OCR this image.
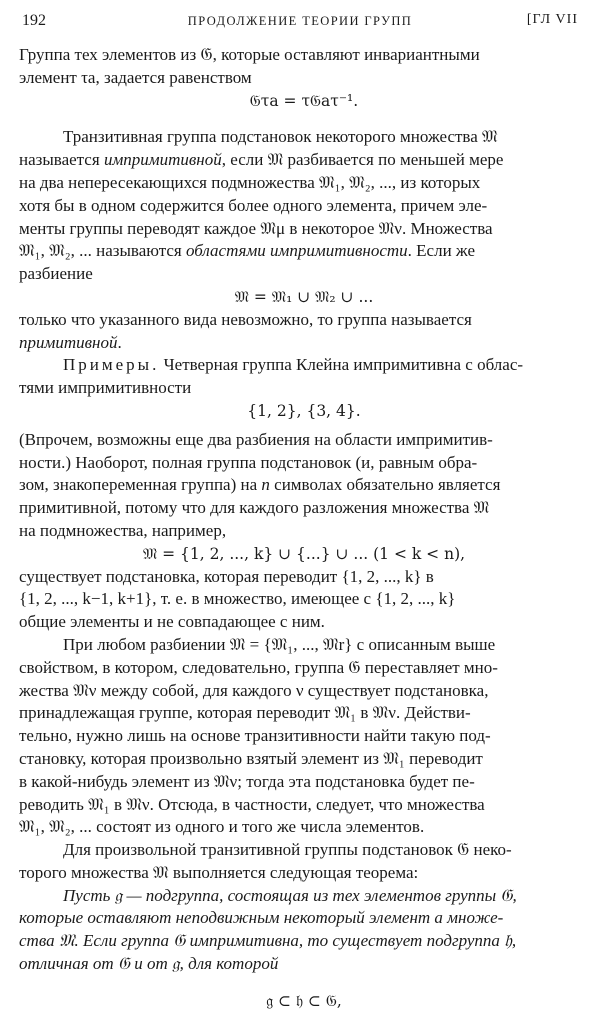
192	ПРОДОЛЖЕНИЕ ТЕОРИИ ГРУПП	[ГЛ VII

Группа тех элементов из 𝔊, которые оставляют инвариантными

элемент τa, задается равенством

𝔊τa = τ𝔊aτ⁻¹.

Транзитивная группа подстановок некоторого множества 𝔐

называется импримитивной, если 𝔐 разбивается по меньшей мере

на два непересекающихся подмножества 𝔐₁, 𝔐₂, ..., из которых

хотя бы в одном содержится более одного элемента, причем эле-

менты группы переводят каждое 𝔐μ в некоторое 𝔐ν. Множества

𝔐₁, 𝔐₂, ... называются областями импримитивности. Если же

разбиение

𝔐 = 𝔐₁ ∪ 𝔐₂ ∪ ...

только что указанного вида невозможно, то группа называется

примитивной.

Примеры. Четверная группа Клейна импримитивна с облас-

тями импримитивности

{1, 2}, {3, 4}.

(Впрочем, возможны еще два разбиения на области импримитив-

ности.) Наоборот, полная группа подстановок (и, равным обра-

зом, знакопеременная группа) на n символах обязательно является

примитивной, потому что для каждого разложения множества 𝔐

на подмножества, например,

𝔐 = {1, 2, ..., k} ∪ {...} ∪ ... (1 < k < n),

существует подстановка, которая переводит {1, 2, ..., k} в

{1, 2, ..., k−1, k+1}, т. е. в множество, имеющее с {1, 2, ..., k}

общие элементы и не совпадающее с ним.

При любом разбиении 𝔐 = {𝔐₁, ..., 𝔐r} с описанным выше

свойством, в котором, следовательно, группа 𝔊 переставляет мно-

жества 𝔐ν между собой, для каждого ν существует подстановка,

принадлежащая группе, которая переводит 𝔐₁ в 𝔐ν. Действи-

тельно, нужно лишь на основе транзитивности найти такую под-

становку, которая произвольно взятый элемент из 𝔐₁ переводит

в какой-нибудь элемент из 𝔐ν; тогда эта подстановка будет пе-

реводить 𝔐₁ в 𝔐ν. Отсюда, в частности, следует, что множества

𝔐₁, 𝔐₂, ... состоят из одного и того же числа элементов.

Для произвольной транзитивной группы подстановок 𝔊 неко-

торого множества 𝔐 выполняется следующая теорема:

Пусть 𝔤 — подгруппа, состоящая из тех элементов группы 𝔊,

которые оставляют неподвижным некоторый элемент a множе-

ства 𝔐. Если группа 𝔊 импримитивна, то существует подгруппа 𝔥,

отличная от 𝔊 и от 𝔤, для которой

𝔤 ⊂ 𝔥 ⊂ 𝔊,
